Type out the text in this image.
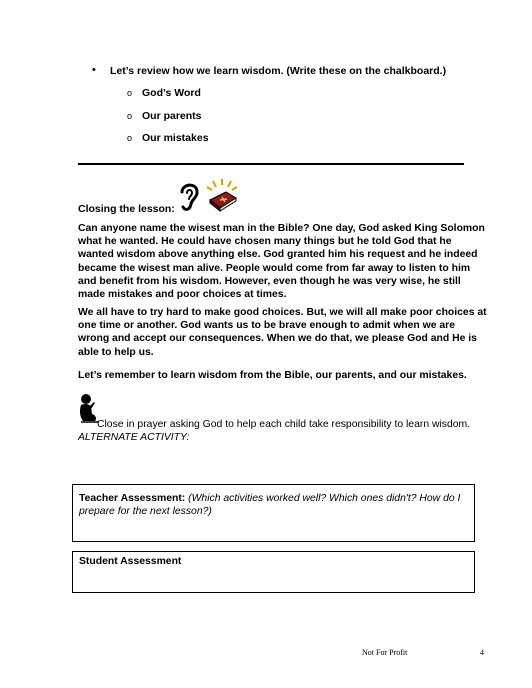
• Let’s review how we learn wisdom. (Write these on the chalkboard.)
o God’s Word
o Our parents
o Our mistakes
Closing the lesson:
Can anyone name the wisest man in the Bible? One day, God asked King Solomon what he wanted. He could have chosen many things but he told God that he wanted wisdom above anything else. God granted him his request and he indeed became the wisest man alive. People would come from far away to listen to him and benefit from his wisdom. However, even though he was very wise, he still made mistakes and poor choices at times.
We all have to try hard to make good choices. But, we will all make poor choices at one time or another. God wants us to be brave enough to admit when we are wrong and accept our consequences. When we do that, we please God and He is able to help us.
Let’s remember to learn wisdom from the Bible, our parents, and our mistakes.
Close in prayer asking God to help each child take responsibility to learn wisdom.
ALTERNATE ACTIVITY:
Teacher Assessment: (Which activities worked well? Which ones didn't? How do I prepare for the next lesson?)
Student Assessment
Not For Profit	4
